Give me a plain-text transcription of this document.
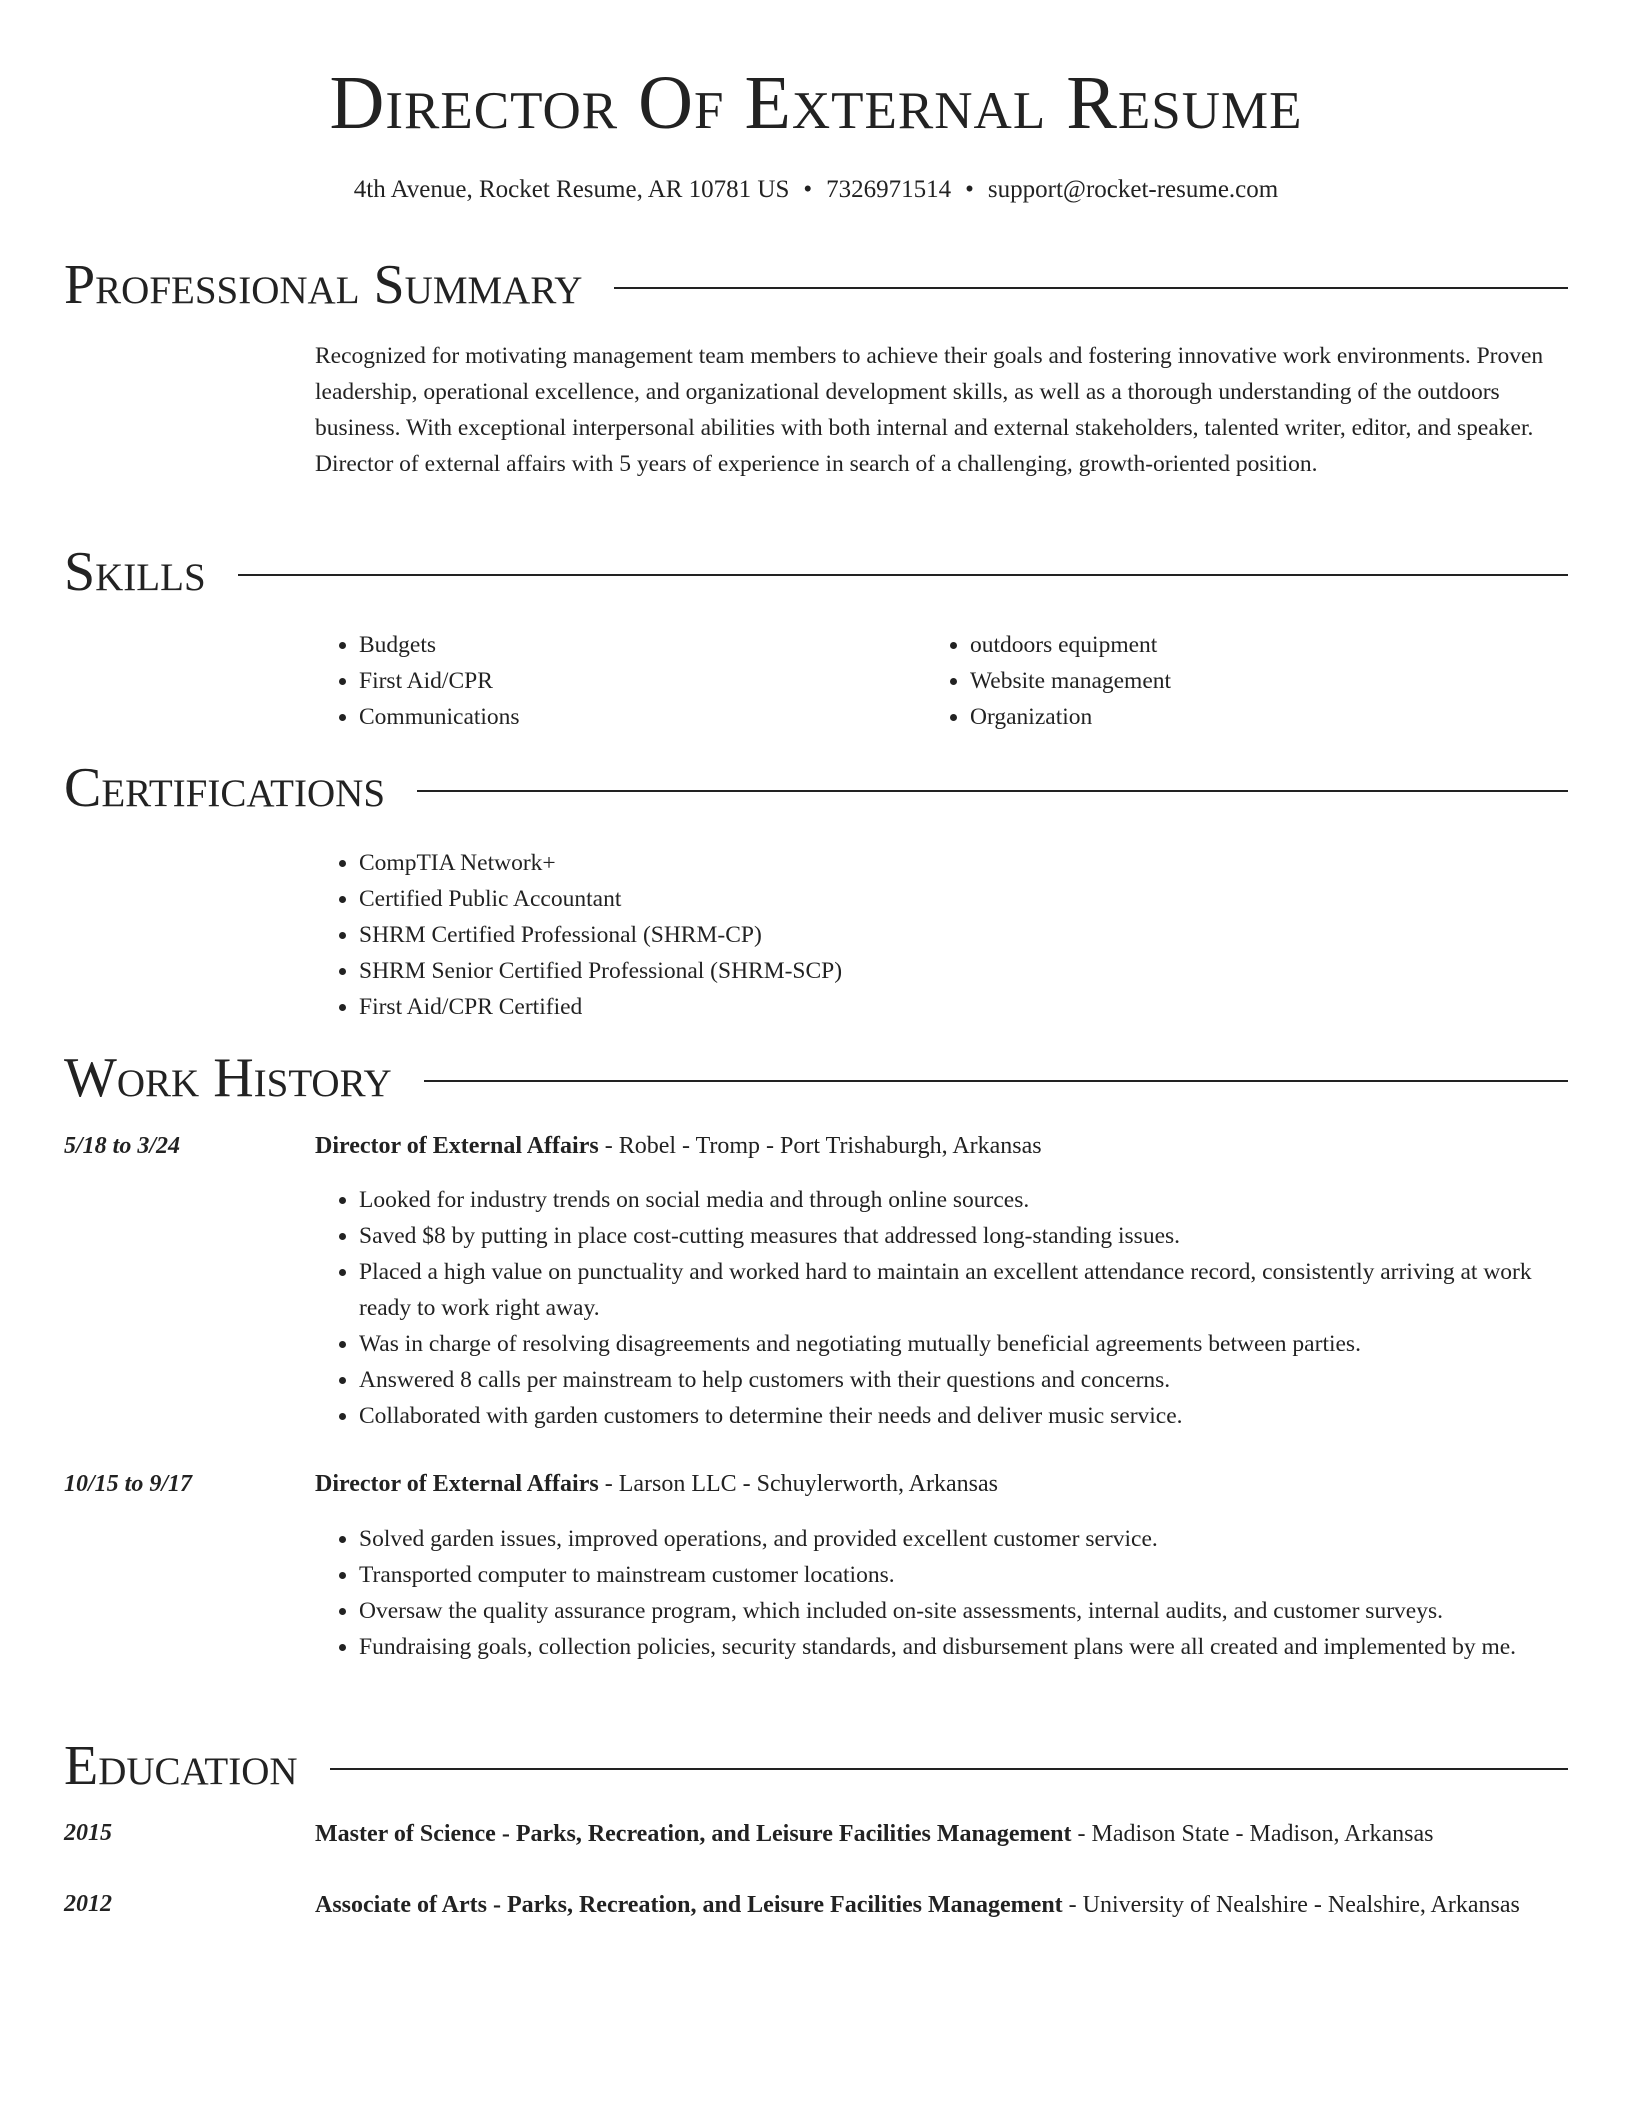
Director Of External Resume
4th Avenue, Rocket Resume, AR 10781 US • 7326971514 • support@rocket-resume.com
Professional Summary

Recognized for motivating management team members to achieve their goals and fostering innovative work environments. Proven leadership, operational excellence, and organizational development skills, as well as a thorough understanding of the outdoors business. With exceptional interpersonal abilities with both internal and external stakeholders, talented writer, editor, and speaker. Director of external affairs with 5 years of experience in search of a challenging, growth-oriented position.

Skills
• Budgets
• First Aid/CPR
• Communications
• outdoors equipment
• Website management
• Organization
Certifications
• CompTIA Network+
• Certified Public Accountant
• SHRM Certified Professional (SHRM-CP)
• SHRM Senior Certified Professional (SHRM-SCP)
• First Aid/CPR Certified
Work History
5/18 to 3/24	Director of External Affairs - Robel - Tromp - Port Trishaburgh, Arkansas
• Looked for industry trends on social media and through online sources.
• Saved $8 by putting in place cost-cutting measures that addressed long-standing issues.
• Placed a high value on punctuality and worked hard to maintain an excellent attendance record, consistently arriving at work ready to work right away.
• Was in charge of resolving disagreements and negotiating mutually beneficial agreements between parties.
• Answered 8 calls per mainstream to help customers with their questions and concerns.
• Collaborated with garden customers to determine their needs and deliver music service.
10/15 to 9/17	Director of External Affairs - Larson LLC - Schuylerworth, Arkansas
• Solved garden issues, improved operations, and provided excellent customer service.
• Transported computer to mainstream customer locations.
• Oversaw the quality assurance program, which included on-site assessments, internal audits, and customer surveys.
• Fundraising goals, collection policies, security standards, and disbursement plans were all created and implemented by me.
Education
2015	Master of Science - Parks, Recreation, and Leisure Facilities Management - Madison State - Madison, Arkansas
2012	Associate of Arts - Parks, Recreation, and Leisure Facilities Management - University of Nealshire - Nealshire, Arkansas
